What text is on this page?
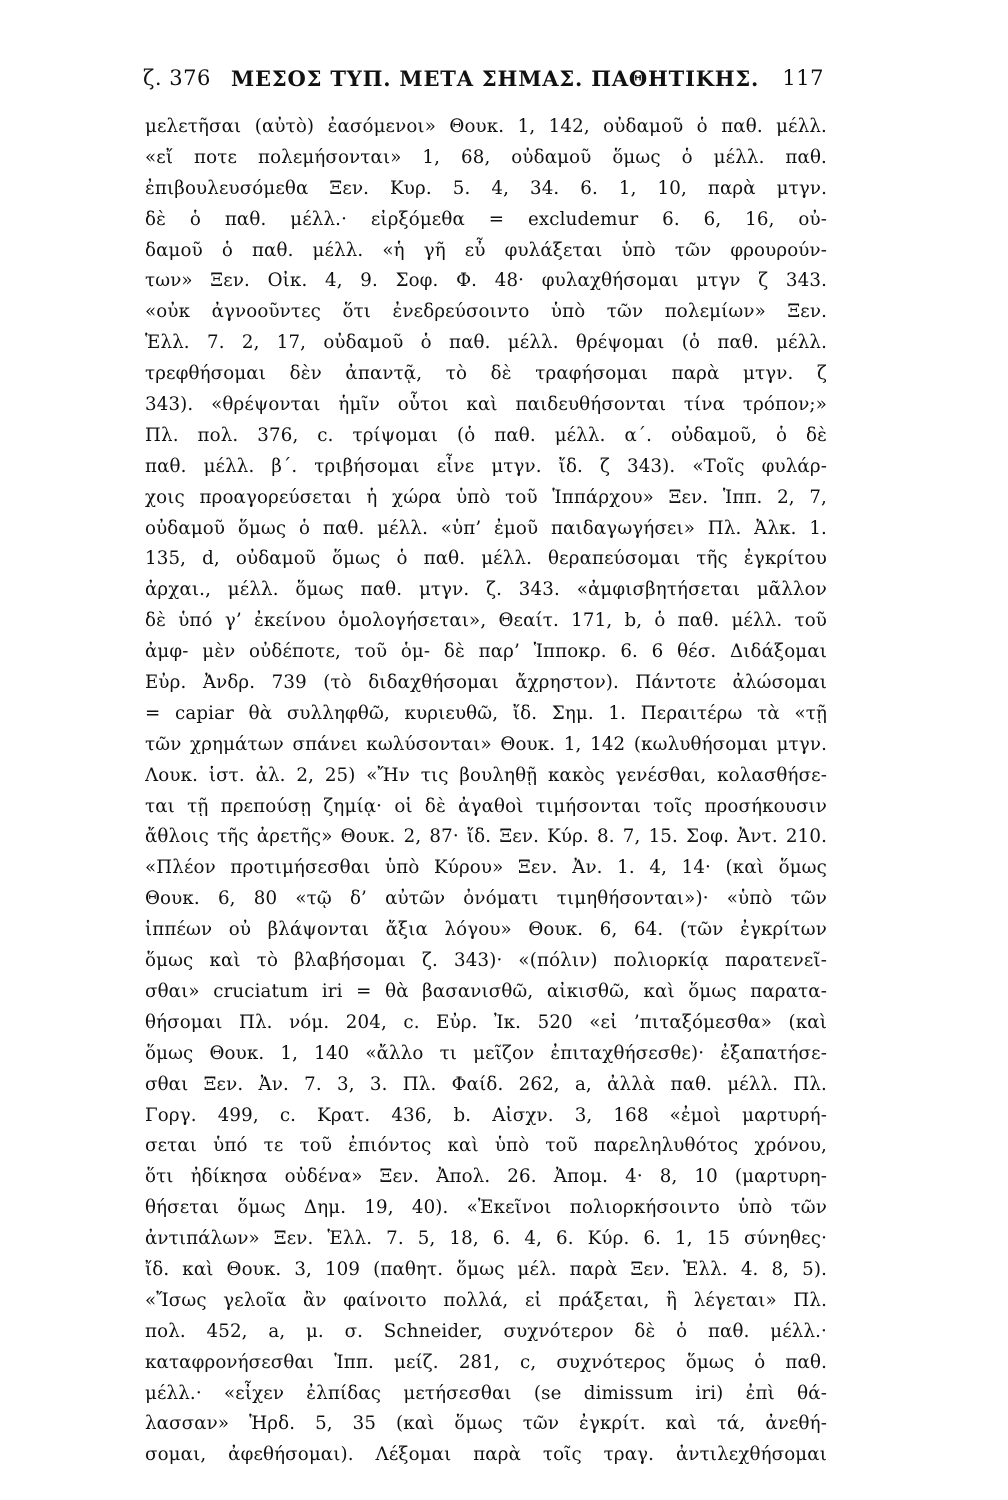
ζ. 376 ΜΕΣΟΣ ΤΥΠ. ΜΕΤΑ ΣΗΜΑΣ. ΠΑΘΗΤΙΚΗΣ. 117
μελετῆσαι (αὐτὸ) ἐασόμενοι» Θουκ. 1, 142, οὐδαμοῦ ὁ παθ. μέλλ.
«εἴ ποτε πολεμήσονται» 1, 68, οὐδαμοῦ ὅμως ὁ μέλλ. παθ.
ἐπιβουλευσόμεθα Ξεν. Κυρ. 5. 4, 34. 6. 1, 10, παρὰ μτγν.
δὲ ὁ παθ. μέλλ.· εἰρξόμεθα = excludemur 6. 6, 16, οὐ-
δαμοῦ ὁ παθ. μέλλ. «ἡ γῆ εὖ φυλάξεται ὑπὸ τῶν φρουρούν-
των» Ξεν. Οἰκ. 4, 9. Σοφ. Φ. 48· φυλαχθήσομαι μτγν ζ 343.
«οὐκ ἀγνοοῦντες ὅτι ἐνεδρεύσοιντο ὑπὸ τῶν πολεμίων» Ξεν.
Ἑλλ. 7. 2, 17, οὐδαμοῦ ὁ παθ. μέλλ. θρέψομαι (ὁ παθ. μέλλ.
τρεφθήσομαι δὲν ἀπαντᾷ, τὸ δὲ τραφήσομαι παρὰ μτγν. ζ
343). «θρέψονται ἡμῖν οὗτοι καὶ παιδευθήσονται τίνα τρόπον;»
Πλ. πολ. 376, c. τρίψομαι (ὁ παθ. μέλλ. α΄. οὐδαμοῦ, ὁ δὲ
παθ. μέλλ. β΄. τριβήσομαι εἶνε μτγν. ἴδ. ζ 343). «Τοῖς φυλάρ-
χοις προαγορεύσεται ἡ χώρα ὑπὸ τοῦ Ἱππάρχου» Ξεν. Ἱππ. 2, 7,
οὐδαμοῦ ὅμως ὁ παθ. μέλλ. «ὑπ’ ἐμοῦ παιδαγωγήσει» Πλ. Ἀλκ. 1.
135, d, οὐδαμοῦ ὅμως ὁ παθ. μέλλ. θεραπεύσομαι τῆς ἐγκρίτου
ἀρχαι., μέλλ. ὅμως παθ. μτγν. ζ. 343. «ἀμφισβητήσεται μᾶλλον
δὲ ὑπό γ’ ἐκείνου ὁμολογήσεται», Θεαίτ. 171, b, ὁ παθ. μέλλ. τοῦ
ἀμφ- μὲν οὐδέποτε, τοῦ ὁμ- δὲ παρ’ Ἱπποκρ. 6. 6 θέσ. Διδάξομαι
Εὐρ. Ἀνδρ. 739 (τὸ διδαχθήσομαι ἄχρηστον). Πάντοτε ἀλώσομαι
= capiar θὰ συλληφθῶ, κυριευθῶ, ἴδ. Σημ. 1. Περαιτέρω τὰ «τῇ
τῶν χρημάτων σπάνει κωλύσονται» Θουκ. 1, 142 (κωλυθήσομαι μτγν.
Λουκ. ἱστ. ἀλ. 2, 25) «Ἤν τις βουληθῇ κακὸς γενέσθαι, κολασθήσε-
ται τῇ πρεπούσῃ ζημίᾳ· οἱ δὲ ἀγαθοὶ τιμήσονται τοῖς προσήκουσιν
ἄθλοις τῆς ἀρετῆς» Θουκ. 2, 87· ἴδ. Ξεν. Κύρ. 8. 7, 15. Σοφ. Ἀντ. 210.
«Πλέον προτιμήσεσθαι ὑπὸ Κύρου» Ξεν. Ἀν. 1. 4, 14· (καὶ ὅμως
Θουκ. 6, 80 «τῷ δ’ αὐτῶν ὀνόματι τιμηθήσονται»)· «ὑπὸ τῶν
ἱππέων οὐ βλάψονται ἄξια λόγου» Θουκ. 6, 64. (τῶν ἐγκρίτων
ὅμως καὶ τὸ βλαβήσομαι ζ. 343)· «(πόλιν) πολιορκίᾳ παρατενεῖ-
σθαι» cruciatum iri = θὰ βασανισθῶ, αἰκισθῶ, καὶ ὅμως παρατα-
θήσομαι Πλ. νόμ. 204, c. Εὐρ. Ἰκ. 520 «εἰ ’πιταξόμεσθα» (καὶ
ὅμως Θουκ. 1, 140 «ἄλλο τι μεῖζον ἐπιταχθήσεσθε)· ἐξαπατήσε-
σθαι Ξεν. Ἀν. 7. 3, 3. Πλ. Φαίδ. 262, a, ἀλλὰ παθ. μέλλ. Πλ.
Γοργ. 499, c. Κρατ. 436, b. Αἰσχν. 3, 168 «ἐμοὶ μαρτυρή-
σεται ὑπό τε τοῦ ἐπιόντος καὶ ὑπὸ τοῦ παρεληλυθότος χρόνου,
ὅτι ἠδίκησα οὐδένα» Ξεν. Ἀπολ. 26. Ἀπομ. 4· 8, 10 (μαρτυρη-
θήσεται ὅμως Δημ. 19, 40). «Ἐκεῖνοι πολιορκήσοιντο ὑπὸ τῶν
ἀντιπάλων» Ξεν. Ἑλλ. 7. 5, 18, 6. 4, 6. Κύρ. 6. 1, 15 σύνηθες·
ἴδ. καὶ Θουκ. 3, 109 (παθητ. ὅμως μέλ. παρὰ Ξεν. Ἑλλ. 4. 8, 5).
«Ἴσως γελοῖα ἂν φαίνοιτο πολλά, εἰ πράξεται, ἢ λέγεται» Πλ.
πολ. 452, a, μ. σ. Schneider, συχνότερον δὲ ὁ παθ. μέλλ.·
καταφρονήσεσθαι Ἱππ. μείζ. 281, c, συχνότερος ὅμως ὁ παθ.
μέλλ.· «εἶχεν ἐλπίδας μετήσεσθαι (se dimissum iri) ἐπὶ θά-
λασσαν» Ἡρδ. 5, 35 (καὶ ὅμως τῶν ἐγκρίτ. καὶ τά, ἀνεθή-
σομαι, ἀφεθήσομαι). Λέξομαι παρὰ τοῖς τραγ. ἀντιλεχθήσομαι
